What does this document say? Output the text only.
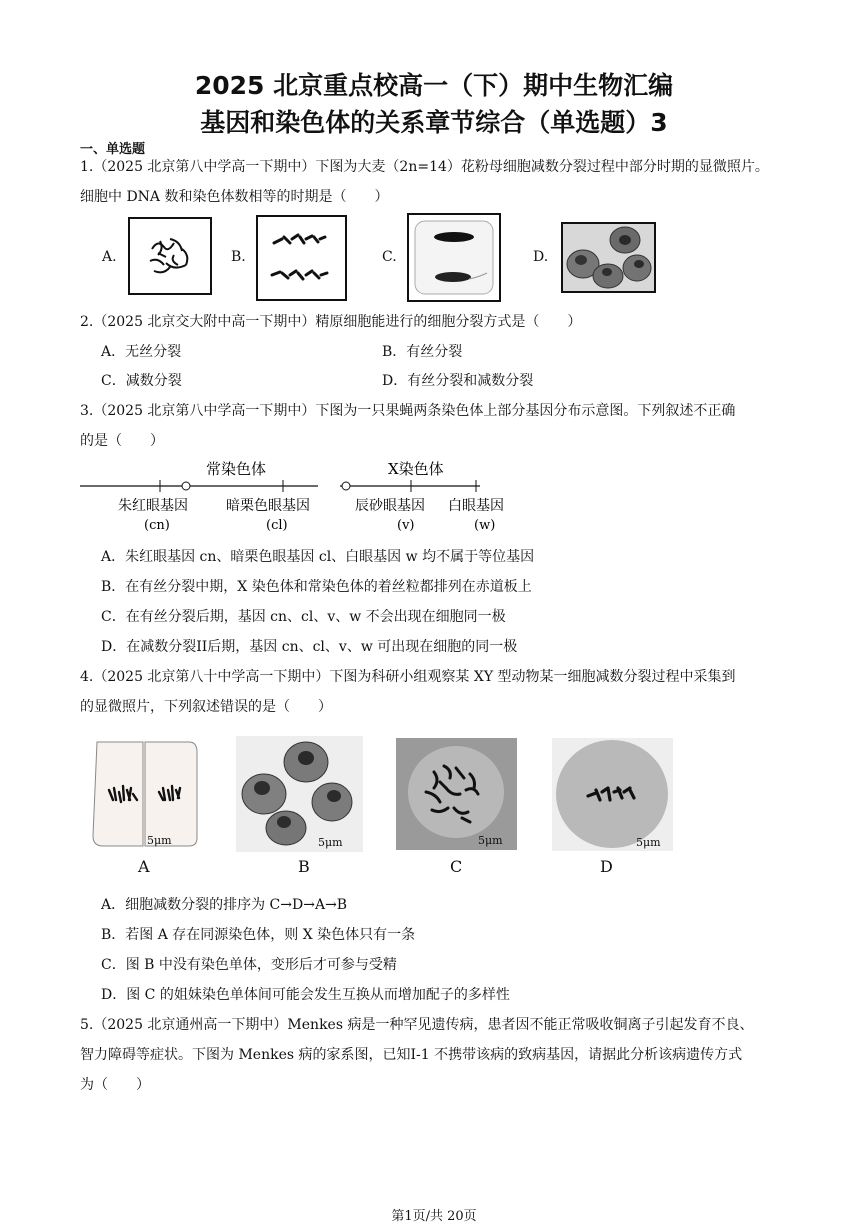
2025 北京重点校高一（下）期中生物汇编
基因和染色体的关系章节综合（单选题）3
一、单选题
1.（2025 北京第八中学高一下期中）下图为大麦（2n=14）花粉母细胞减数分裂过程中部分时期的显微照片。
细胞中 DNA 数和染色体数相等的时期是（　　）
A.	B.	C.	D.
2.（2025 北京交大附中高一下期中）精原细胞能进行的细胞分裂方式是（　　）
A．无丝分裂	B．有丝分裂
C．减数分裂	D．有丝分裂和减数分裂
3.（2025 北京第八中学高一下期中）下图为一只果蝇两条染色体上部分基因分布示意图。下列叙述不正确
的是（　　）
常染色体	X染色体
朱红眼基因
(cn)
暗栗色眼基因
(cl)
辰砂眼基因
(v)
白眼基因
(w)
A．朱红眼基因 cn、暗栗色眼基因 cl、白眼基因 w 均不属于等位基因
B．在有丝分裂中期，X 染色体和常染色体的着丝粒都排列在赤道板上
C．在有丝分裂后期，基因 cn、cl、v、w 不会出现在细胞同一极
D．在减数分裂II后期，基因 cn、cl、v、w 可出现在细胞的同一极
4.（2025 北京第八十中学高一下期中）下图为科研小组观察某 XY 型动物某一细胞减数分裂过程中采集到
的显微照片，下列叙述错误的是（　　）
5μm	5μm	5μm	5μm
A	B	C	D
A．细胞减数分裂的排序为 C→D→A→B
B．若图 A 存在同源染色体，则 X 染色体只有一条
C．图 B 中没有染色单体，变形后才可参与受精
D．图 C 的姐妹染色单体间可能会发生互换从而增加配子的多样性
5.（2025 北京通州高一下期中）Menkes 病是一种罕见遗传病，患者因不能正常吸收铜离子引起发育不良、
智力障碍等症状。下图为 Menkes 病的家系图，已知I-1 不携带该病的致病基因，请据此分析该病遗传方式
为（　　）
第1页/共 20页
